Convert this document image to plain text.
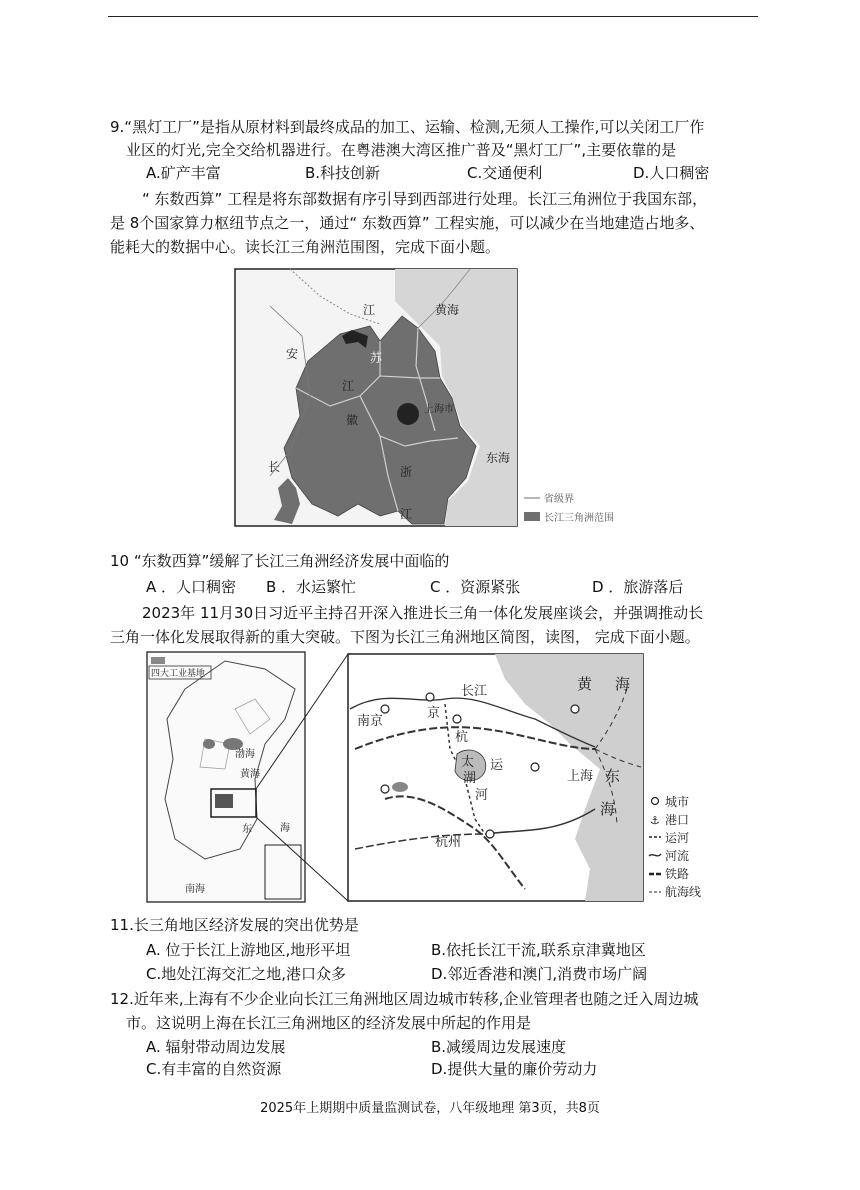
9.“黑灯工厂”是指从原材料到最终成品的加工、运输、检测,无须人工操作,可以关闭工厂作
业区的灯光,完全交给机器进行。在粤港澳大湾区推广普及“黑灯工厂”,主要依靠的是
A.矿产丰富	B.科技创新	C.交通便利	D.人口稠密
“ 东数西算” 工程是将东部数据有序引导到西部进行处理。长江三角洲位于我国东部，
是 8个国家算力枢纽节点之一，通过“ 东数西算” 工程实施，可以减少在当地建造占地多、
能耗大的数据中心。读长江三角洲范围图，完成下面小题。
江	黄海
苏
安
江
上海市
徽
东海
长	浙
江
省级界
长江三角洲范围
10 “东数西算”缓解了长江三角洲经济发展中面临的
A ．人口稠密 B ．水运繁忙	C ．资源紧张	D ．旅游落后
2023年 11月30日习近平主持召开深入推进长三角一体化发展座谈会，并强调推动长
三角一体化发展取得新的重大突破。下图为长江三角洲地区简图，读图， 完成下面小题。
四大工业基地
渤海
黄海
东	海
南海
南京
长江
京
杭
太
湖
运
河
上海
杭州
黄 海
东
海	城市
⚓ 港口
运河
河流
铁路
航海线
11.长三角地区经济发展的突出优势是
A. 位于长江上游地区,地形平坦	B.依托长江干流,联系京津冀地区
C.地处江海交汇之地,港口众多	D.邻近香港和澳门,消费市场广阔
12.近年来,上海有不少企业向长江三角洲地区周边城市转移,企业管理者也随之迁入周边城
市。这说明上海在长江三角洲地区的经济发展中所起的作用是
A. 辐射带动周边发展	B.减缓周边发展速度
C.有丰富的自然资源	D.提供大量的廉价劳动力
2025年上期期中质量监测试卷，八年级地理 第3页，共8页
